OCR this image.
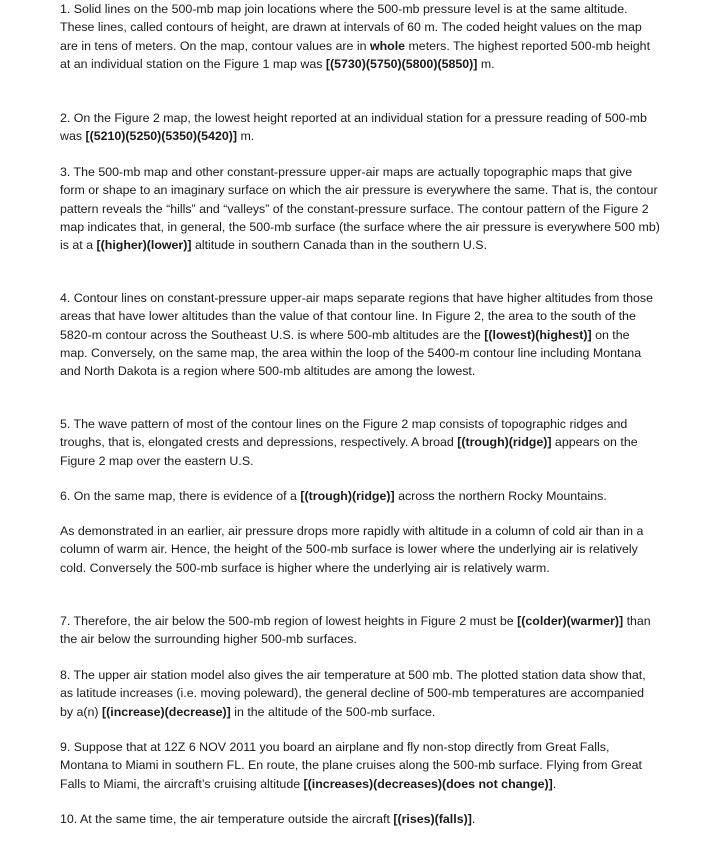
1. Solid lines on the 500-mb map join locations where the 500-mb pressure level is at the same altitude. These lines, called contours of height, are drawn at intervals of 60 m. The coded height values on the map are in tens of meters. On the map, contour values are in whole meters. The highest reported 500-mb height at an individual station on the Figure 1 map was [(5730)(5750)(5800)(5850)] m.

2. On the Figure 2 map, the lowest height reported at an individual station for a pressure reading of 500-mb was [(5210)(5250)(5350)(5420)] m.

3. The 500-mb map and other constant-pressure upper-air maps are actually topographic maps that give form or shape to an imaginary surface on which the air pressure is everywhere the same. That is, the contour pattern reveals the “hills” and “valleys” of the constant-pressure surface. The contour pattern of the Figure 2 map indicates that, in general, the 500-mb surface (the surface where the air pressure is everywhere 500 mb) is at a [(higher)(lower)] altitude in southern Canada than in the southern U.S.

4. Contour lines on constant-pressure upper-air maps separate regions that have higher altitudes from those areas that have lower altitudes than the value of that contour line. In Figure 2, the area to the south of the 5820-m contour across the Southeast U.S. is where 500-mb altitudes are the [(lowest)(highest)] on the map. Conversely, on the same map, the area within the loop of the 5400-m contour line including Montana and North Dakota is a region where 500-mb altitudes are among the lowest.

5. The wave pattern of most of the contour lines on the Figure 2 map consists of topographic ridges and troughs, that is, elongated crests and depressions, respectively. A broad [(trough)(ridge)] appears on the Figure 2 map over the eastern U.S.

6. On the same map, there is evidence of a [(trough)(ridge)] across the northern Rocky Mountains.

As demonstrated in an earlier, air pressure drops more rapidly with altitude in a column of cold air than in a column of warm air. Hence, the height of the 500-mb surface is lower where the underlying air is relatively cold. Conversely the 500-mb surface is higher where the underlying air is relatively warm.

7. Therefore, the air below the 500-mb region of lowest heights in Figure 2 must be [(colder)(warmer)] than the air below the surrounding higher 500-mb surfaces.

8. The upper air station model also gives the air temperature at 500 mb. The plotted station data show that, as latitude increases (i.e. moving poleward), the general decline of 500-mb temperatures are accompanied by a(n) [(increase)(decrease)] in the altitude of the 500-mb surface.

9. Suppose that at 12Z 6 NOV 2011 you board an airplane and fly non-stop directly from Great Falls, Montana to Miami in southern FL. En route, the plane cruises along the 500-mb surface. Flying from Great Falls to Miami, the aircraft’s cruising altitude [(increases)(decreases)(does not change)].

10. At the same time, the air temperature outside the aircraft [(rises)(falls)].
